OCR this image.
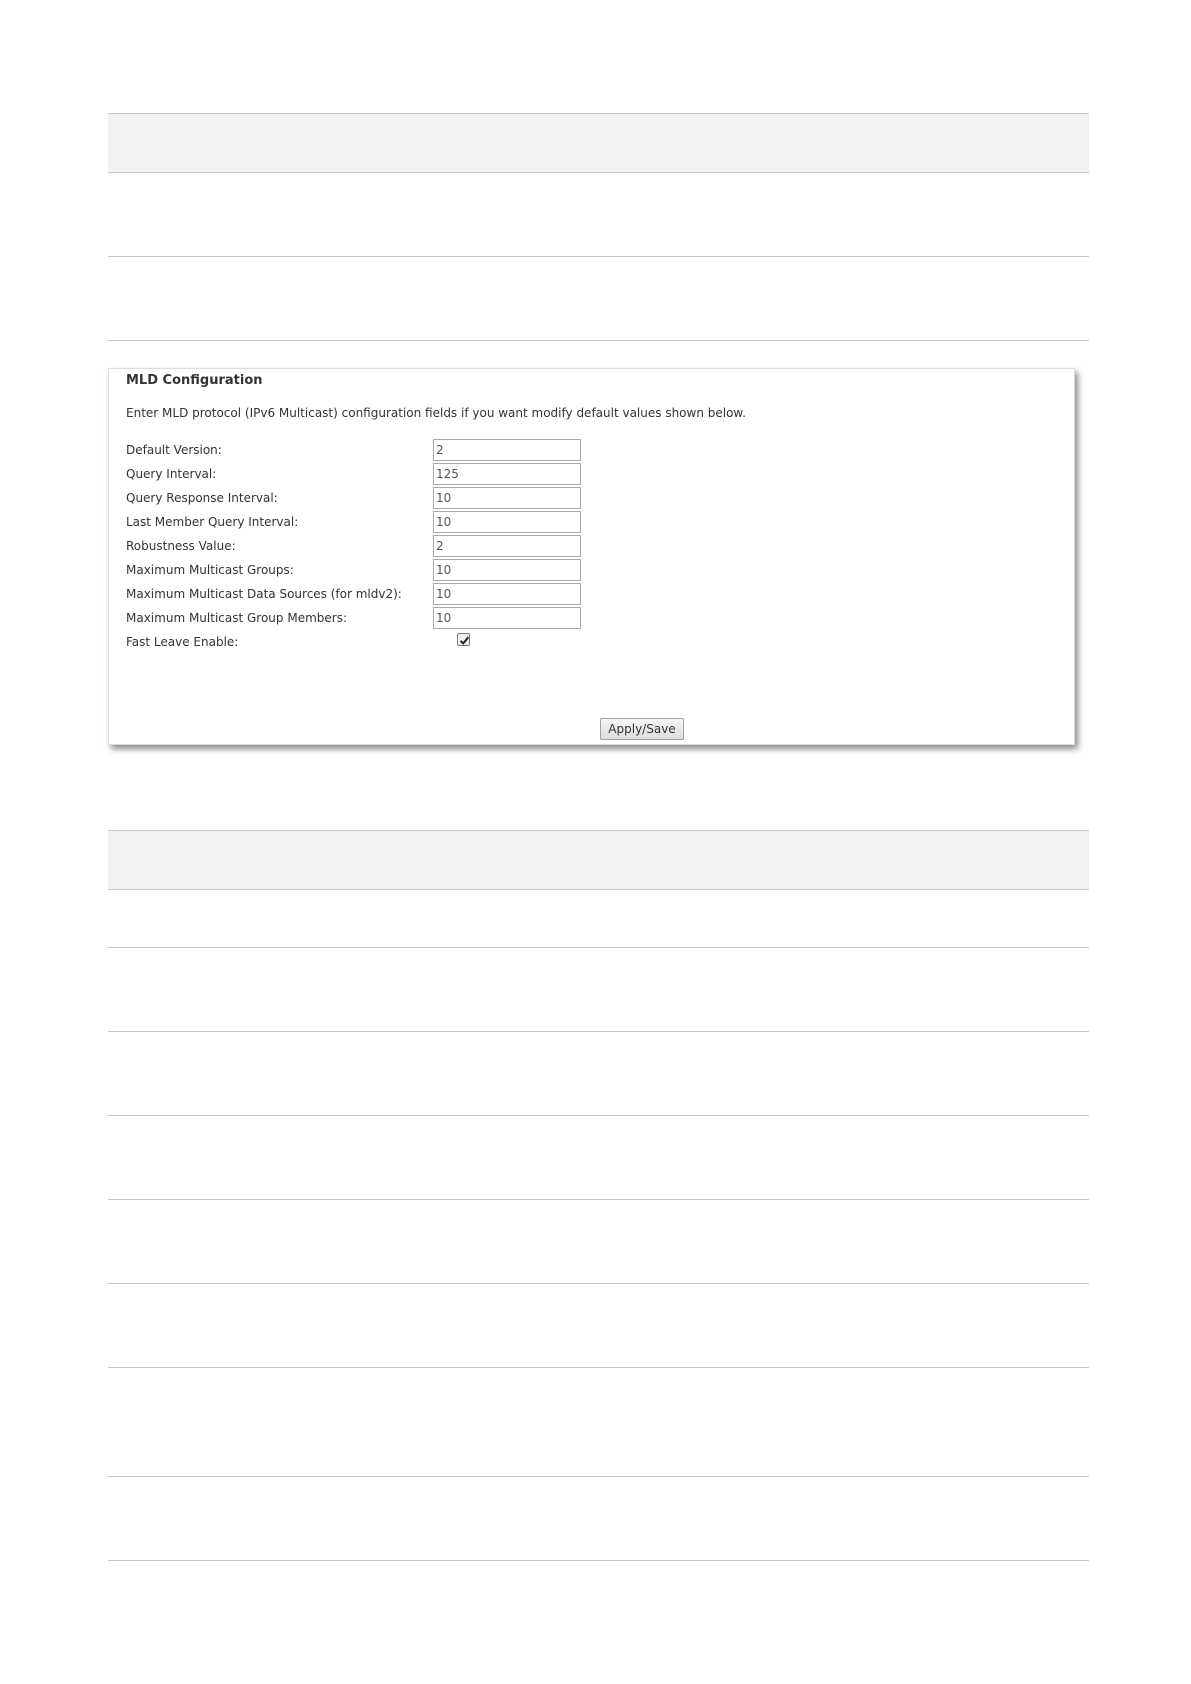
MLD Configuration
Enter MLD protocol (IPv6 Multicast) configuration fields if you want modify default values shown below.
Default Version:
2
Query Interval:
125
Query Response Interval:
10
Last Member Query Interval:
10
Robustness Value:
2
Maximum Multicast Groups:
10
Maximum Multicast Data Sources (for mldv2):
10
Maximum Multicast Group Members:
10
Fast Leave Enable:
Apply/Save
